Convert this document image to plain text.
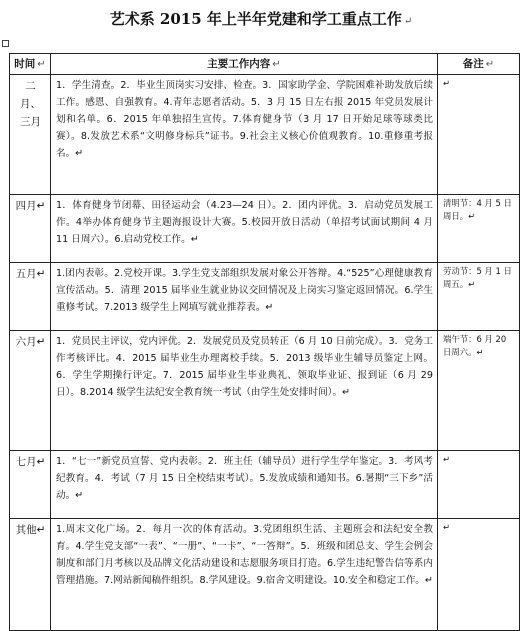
艺术系 2015 年上半年党建和学工重点工作 ↵
时间 ↵	主要工作内容 ↵	备注 ↵
二月、三月	1．学生清查。2．毕业生顶岗实习安排、检查。3．国家助学金、学院困难补助发放后续工作。感恩、自强教育。4.青年志愿者活动。5．3 月 15 日左右报 2015 年党员发展计划和名单。6．2015 年单独招生宣传。7.体育健身节（3 月 17 日开始足球等球类比赛）。8.发放艺术系“文明修身标兵”证书。9.社会主义核心价值观教育。10.重修重考报名。↵	↵
四月↵	1．体育健身节闭幕、田径运动会（4.23—24 日）。2．团内评优。3．启动党员发展工作。4举办体育健身节主题海报设计大赛。5.校园开放日活动（单招考试面试期间 4 月 11 日周六）。6.启动党校工作。↵	清明节：4 月 5 日周日。↵
五月↵	1.团内表彰。2.党校开课。3.学生党支部组织发展对象公开答辩。4.“525”心理健康教育宣传活动。5．清理 2015 届毕业生就业协议交回情况及上岗实习鉴定返回情况。6.学生重修考试。7.2013 级学生上网填写就业推荐表。↵	劳动节：5 月 1 日周五。↵
六月↵	1．党员民主评议，党内评优。2．发展党员及党员转正（6 月 10 日前完成）。3．党务工作考核评比。4．2015 届毕业生办理离校手续。5．2013 级毕业生辅导员鉴定上网。6．学生学期操行评定。7．2015 届毕业生毕业典礼、领取毕业证、报到证（6 月 29 日）。8.2014 级学生法纪安全教育统一考试（由学生处安排时间）。↵	端午节：6 月 20 日周六。↵
七月↵	1．“七一”新党员宣誓、党内表彰。2．班主任（辅导员）进行学生学年鉴定。3．考风考纪教育。4．考试（7 月 15 日全校结束考试）。5.发放成绩和通知书。6.暑期“三下乡”活动。↵	↵
其他↵	1.周末文化广场。2．每月一次的体育活动。3.党团组织生活、主题班会和法纪安全教育。4.学生党支部“一表”、“一册”、“一卡”、“一答辩”。5．班级和团总支、学生会例会制度和部门月考核以及品牌文化活动建设和志愿服务项目打造。6.学生违纪警告信等系内管理措施。7.网站新闻稿件组织。8.学风建设。9.宿舍文明建设。10.安全和稳定工作。↵	↵
